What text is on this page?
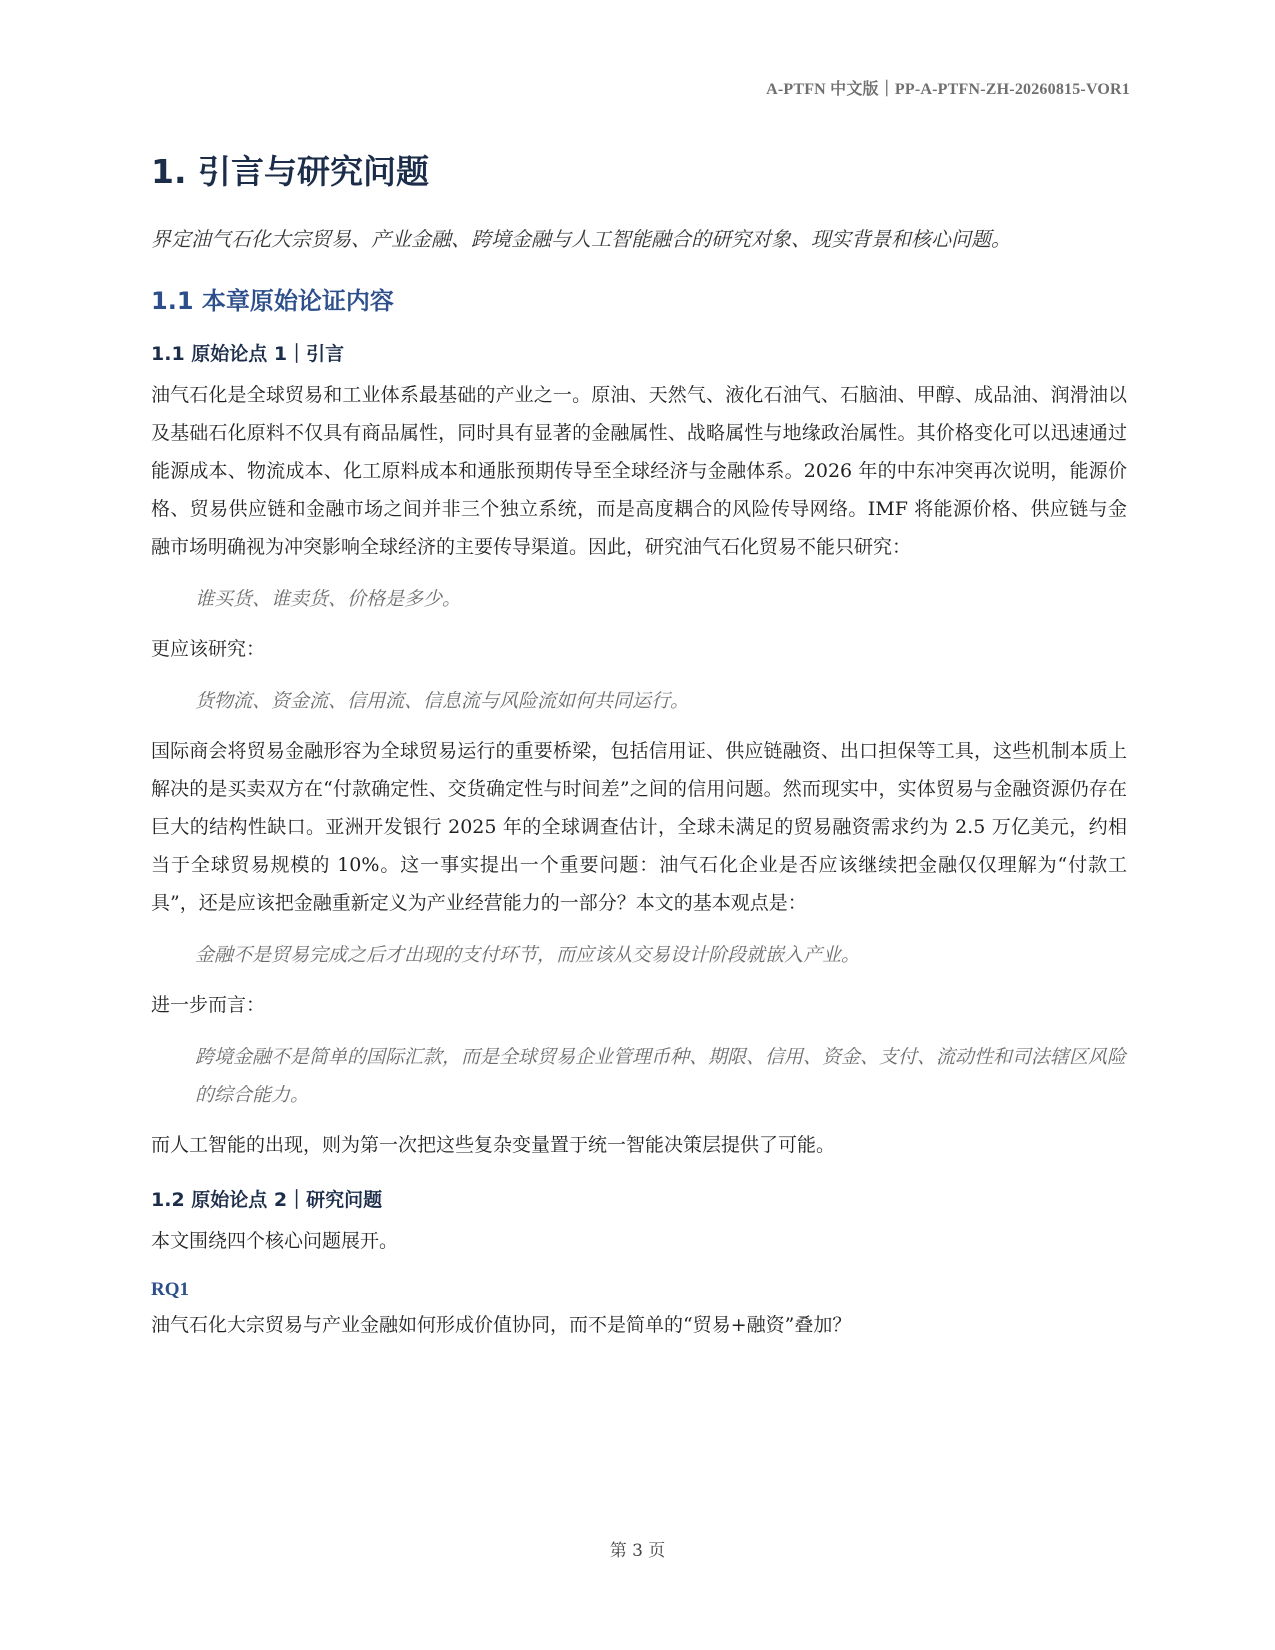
A-PTFN 中文版｜PP-A-PTFN-ZH-20260815-VOR1
1. 引言与研究问题
界定油气石化大宗贸易、产业金融、跨境金融与人工智能融合的研究对象、现实背景和核心问题。
1.1 本章原始论证内容
1.1 原始论点 1｜引言

油气石化是全球贸易和工业体系最基础的产业之一。原油、天然气、液化石油气、石脑油、甲醇、成品油、润滑油以及基础石化原料不仅具有商品属性，同时具有显著的金融属性、战略属性与地缘政治属性。其价格变化可以迅速通过能源成本、物流成本、化工原料成本和通胀预期传导至全球经济与金融体系。2026 年的中东冲突再次说明，能源价格、贸易供应链和金融市场之间并非三个独立系统，而是高度耦合的风险传导网络。IMF 将能源价格、供应链与金融市场明确视为冲突影响全球经济的主要传导渠道。因此，研究油气石化贸易不能只研究：

谁买货、谁卖货、价格是多少。

更应该研究：

货物流、资金流、信用流、信息流与风险流如何共同运行。

国际商会将贸易金融形容为全球贸易运行的重要桥梁，包括信用证、供应链融资、出口担保等工具，这些机制本质上解决的是买卖双方在“付款确定性、交货确定性与时间差”之间的信用问题。然而现实中，实体贸易与金融资源仍存在巨大的结构性缺口。亚洲开发银行 2025 年的全球调查估计，全球未满足的贸易融资需求约为 2.5 万亿美元，约相当于全球贸易规模的 10%。这一事实提出一个重要问题：油气石化企业是否应该继续把金融仅仅理解为“付款工具”，还是应该把金融重新定义为产业经营能力的一部分？本文的基本观点是：

金融不是贸易完成之后才出现的支付环节，而应该从交易设计阶段就嵌入产业。

进一步而言：

跨境金融不是简单的国际汇款，而是全球贸易企业管理币种、期限、信用、资金、支付、流动性和司法辖区风险的综合能力。

而人工智能的出现，则为第一次把这些复杂变量置于统一智能决策层提供了可能。

1.2 原始论点 2｜研究问题

本文围绕四个核心问题展开。

RQ1

油气石化大宗贸易与产业金融如何形成价值协同，而不是简单的“贸易+融资”叠加？

第 3 页
